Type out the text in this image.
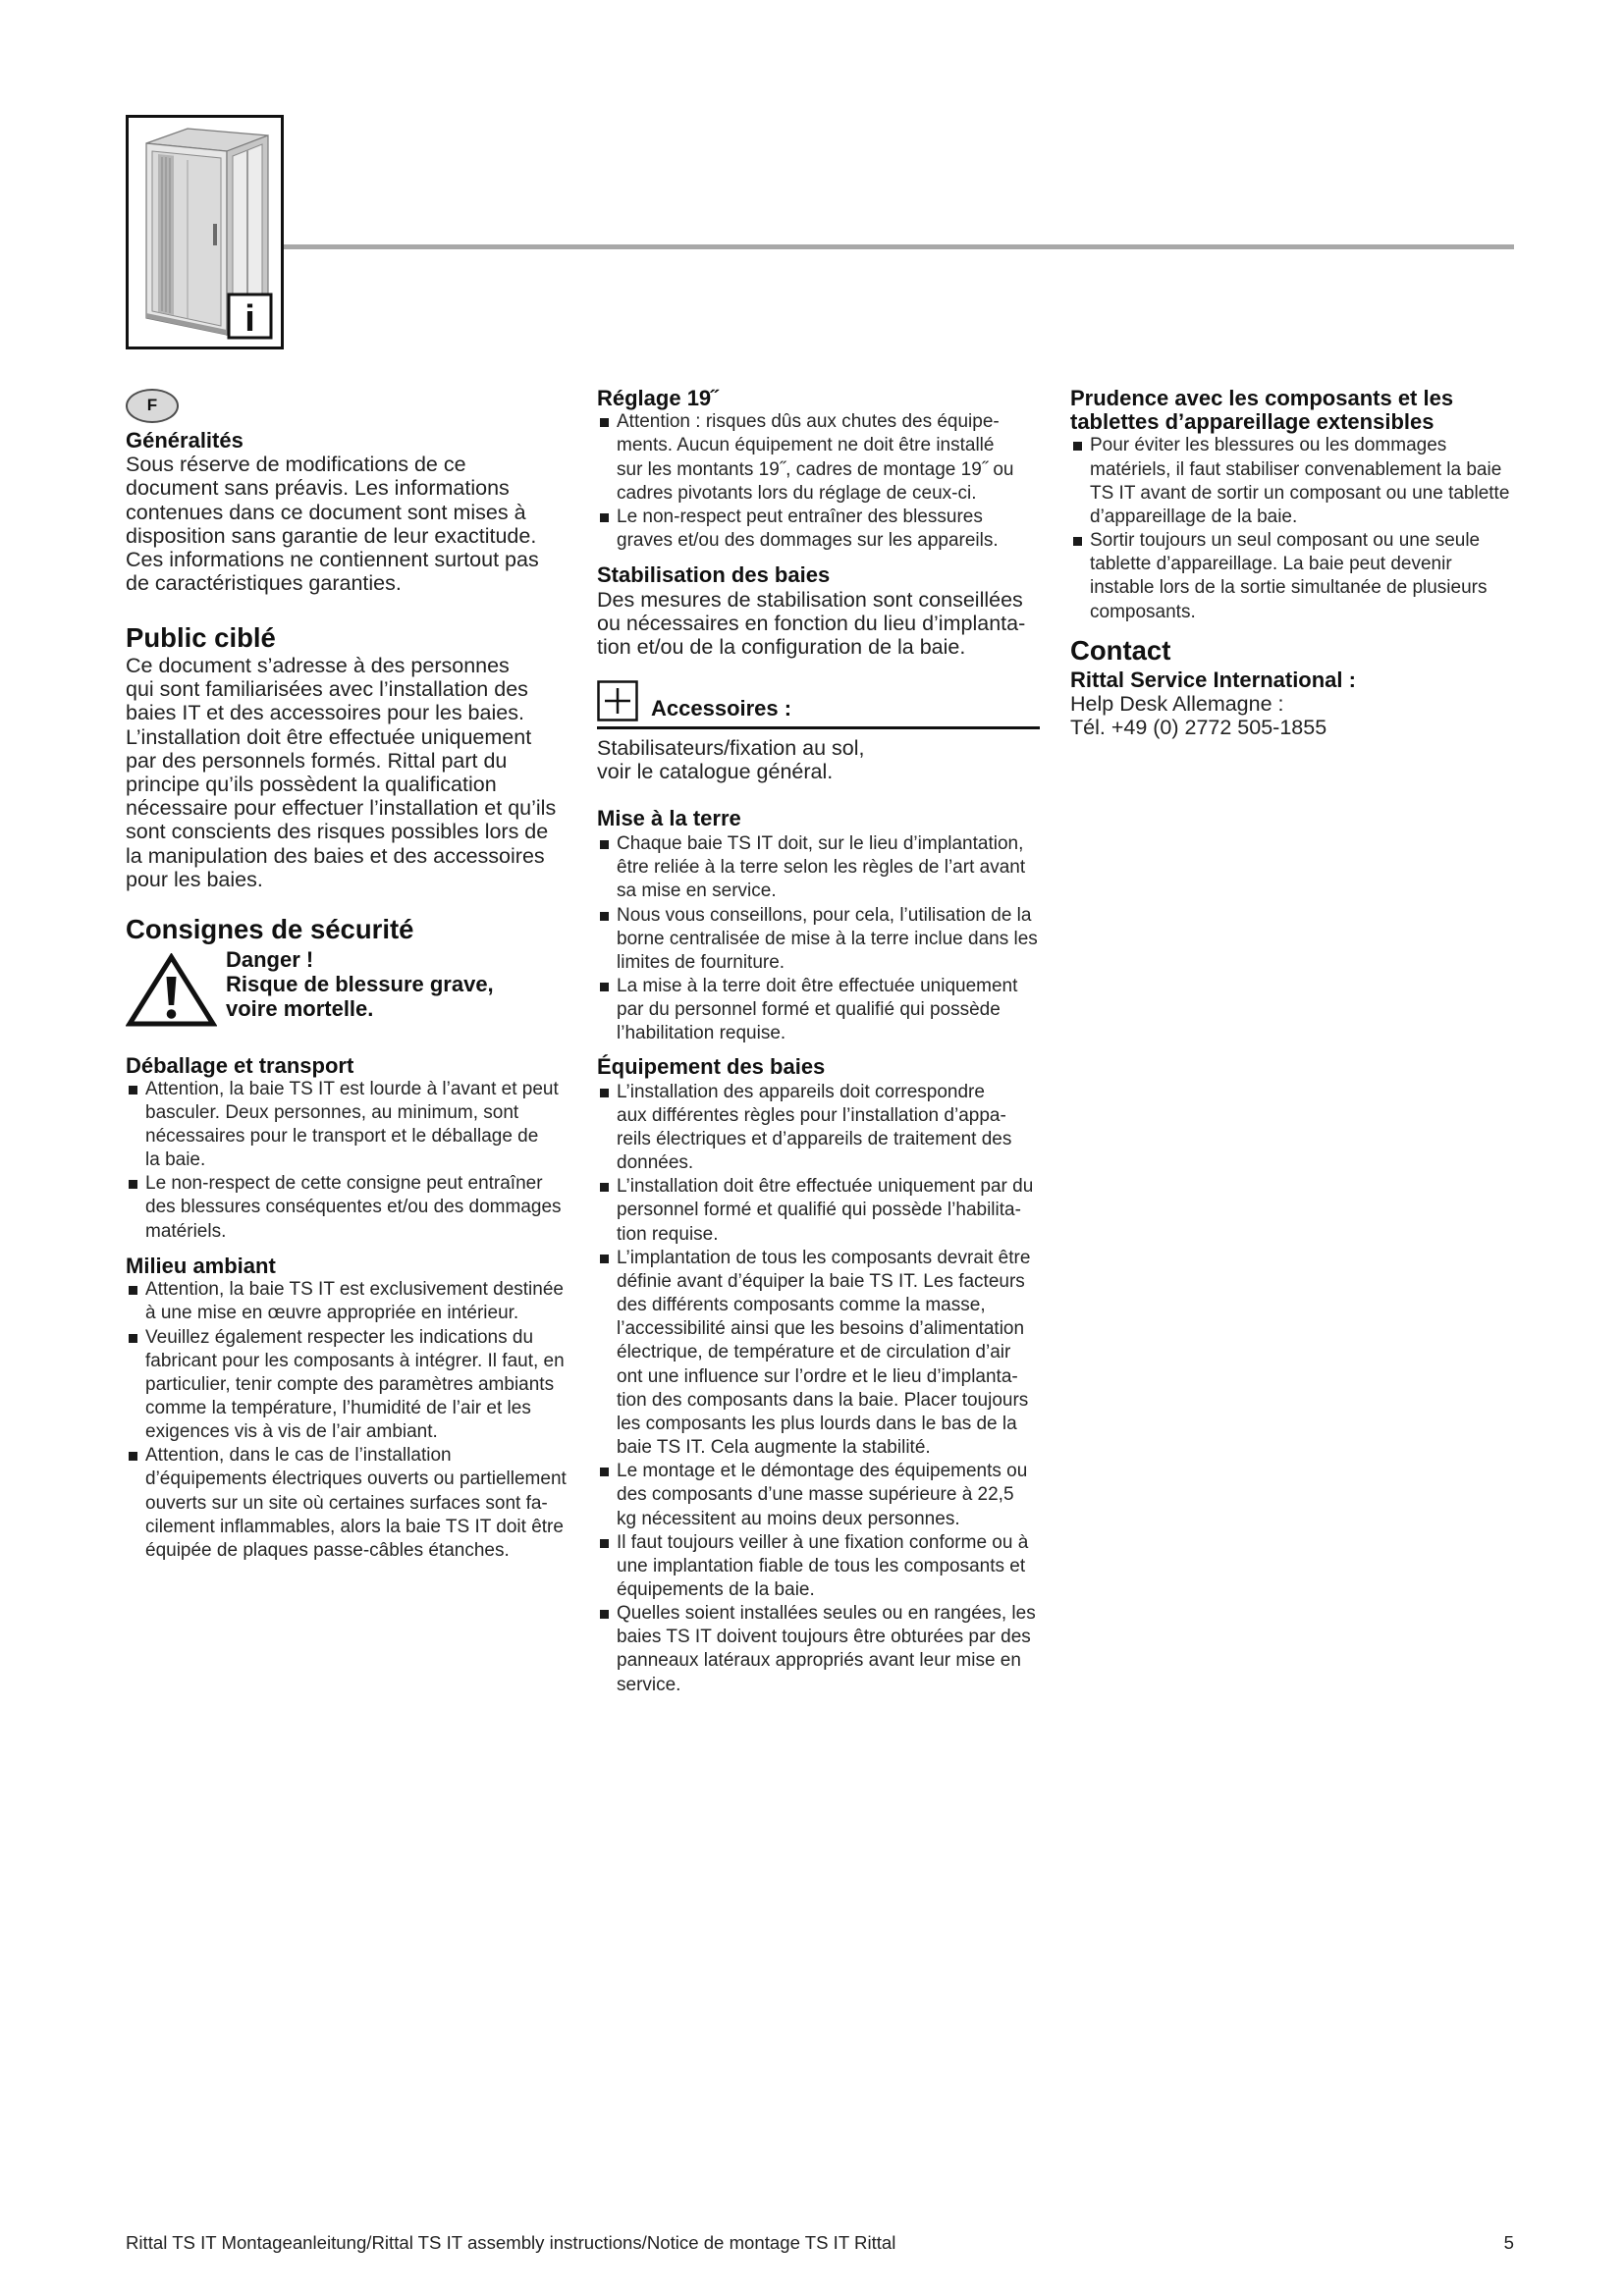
i
F
Généralités
Sous réserve de modifications de ce
document sans préavis. Les informations
contenues dans ce document sont mises à
disposition sans garantie de leur exactitude.
Ces informations ne contiennent surtout pas
de caractéristiques garanties.
Public ciblé
Ce document s’adresse à des personnes
qui sont familiarisées avec l’installation des
baies IT et des accessoires pour les baies.
L’installation doit être effectuée uniquement
par des personnels formés. Rittal part du
principe qu’ils possèdent la qualification
nécessaire pour effectuer l’installation et qu’ils
sont conscients des risques possibles lors de
la manipulation des baies et des accessoires
pour les baies.
Consignes de sécurité
Danger !
Risque de blessure grave,
voire mortelle.
Déballage et transport
Attention, la baie TS IT est lourde à l’avant et peut
basculer. Deux personnes, au minimum, sont
nécessaires pour le transport et le déballage de
la baie.
Le non-respect de cette consigne peut entraîner
des blessures conséquentes et/ou des dommages
matériels.
Milieu ambiant
Attention, la baie TS IT est exclusivement destinée
à une mise en œuvre appropriée en intérieur.
Veuillez également respecter les indications du
fabricant pour les composants à intégrer. Il faut, en
particulier, tenir compte des paramètres ambiants
comme la température, l’humidité de l’air et les
exigences vis à vis de l’air ambiant.
Attention, dans le cas de l’installation
d’équipements électriques ouverts ou partiellement
ouverts sur un site où certaines surfaces sont fa-
cilement inflammables, alors la baie TS IT doit être
équipée de plaques passe-câbles étanches.
Réglage 19˝
Attention : risques dûs aux chutes des équipe-
ments. Aucun équipement ne doit être installé
sur les montants 19˝, cadres de montage 19˝ ou
cadres pivotants lors du réglage de ceux-ci.
Le non-respect peut entraîner des blessures
graves et/ou des dommages sur les appareils.
Stabilisation des baies
Des mesures de stabilisation sont conseillées
ou nécessaires en fonction du lieu d’implanta-
tion et/ou de la configuration de la baie.
Accessoires :
Stabilisateurs/fixation au sol,
voir le catalogue général.
Mise à la terre
Chaque baie TS IT doit, sur le lieu d’implantation,
être reliée à la terre selon les règles de l’art avant
sa mise en service.
Nous vous conseillons, pour cela, l’utilisation de la
borne centralisée de mise à la terre inclue dans les
limites de fourniture.
La mise à la terre doit être effectuée uniquement
par du personnel formé et qualifié qui possède
l’habilitation requise.
Équipement des baies
L’installation des appareils doit correspondre
aux différentes règles pour l’installation d’appa-
reils électriques et d’appareils de traitement des
données.
L’installation doit être effectuée uniquement par du
personnel formé et qualifié qui possède l’habilita-
tion requise.
L’implantation de tous les composants devrait être
définie avant d’équiper la baie TS IT. Les facteurs
des différents composants comme la masse,
l’accessibilité ainsi que les besoins d’alimentation
électrique, de température et de circulation d’air
ont une influence sur l’ordre et le lieu d’implanta-
tion des composants dans la baie. Placer toujours
les composants les plus lourds dans le bas de la
baie TS IT. Cela augmente la stabilité.
Le montage et le démontage des équipements ou
des composants d’une masse supérieure à 22,5
kg nécessitent au moins deux personnes.
Il faut toujours veiller à une fixation conforme ou à
une implantation fiable de tous les composants et
équipements de la baie.
Quelles soient installées seules ou en rangées, les
baies TS IT doivent toujours être obturées par des
panneaux latéraux appropriés avant leur mise en
service.
Prudence avec les composants et les
tablettes d’appareillage extensibles
Pour éviter les blessures ou les dommages
matériels, il faut stabiliser convenablement la baie
TS IT avant de sortir un composant ou une tablette
d’appareillage de la baie.
Sortir toujours un seul composant ou une seule
tablette d’appareillage. La baie peut devenir
instable lors de la sortie simultanée de plusieurs
composants.
Contact
Rittal Service International :
Help Desk Allemagne :
Tél. +49 (0) 2772 505-1855
Rittal TS IT Montageanleitung/Rittal TS IT assembly instructions/Notice de montage TS IT Rittal	5
